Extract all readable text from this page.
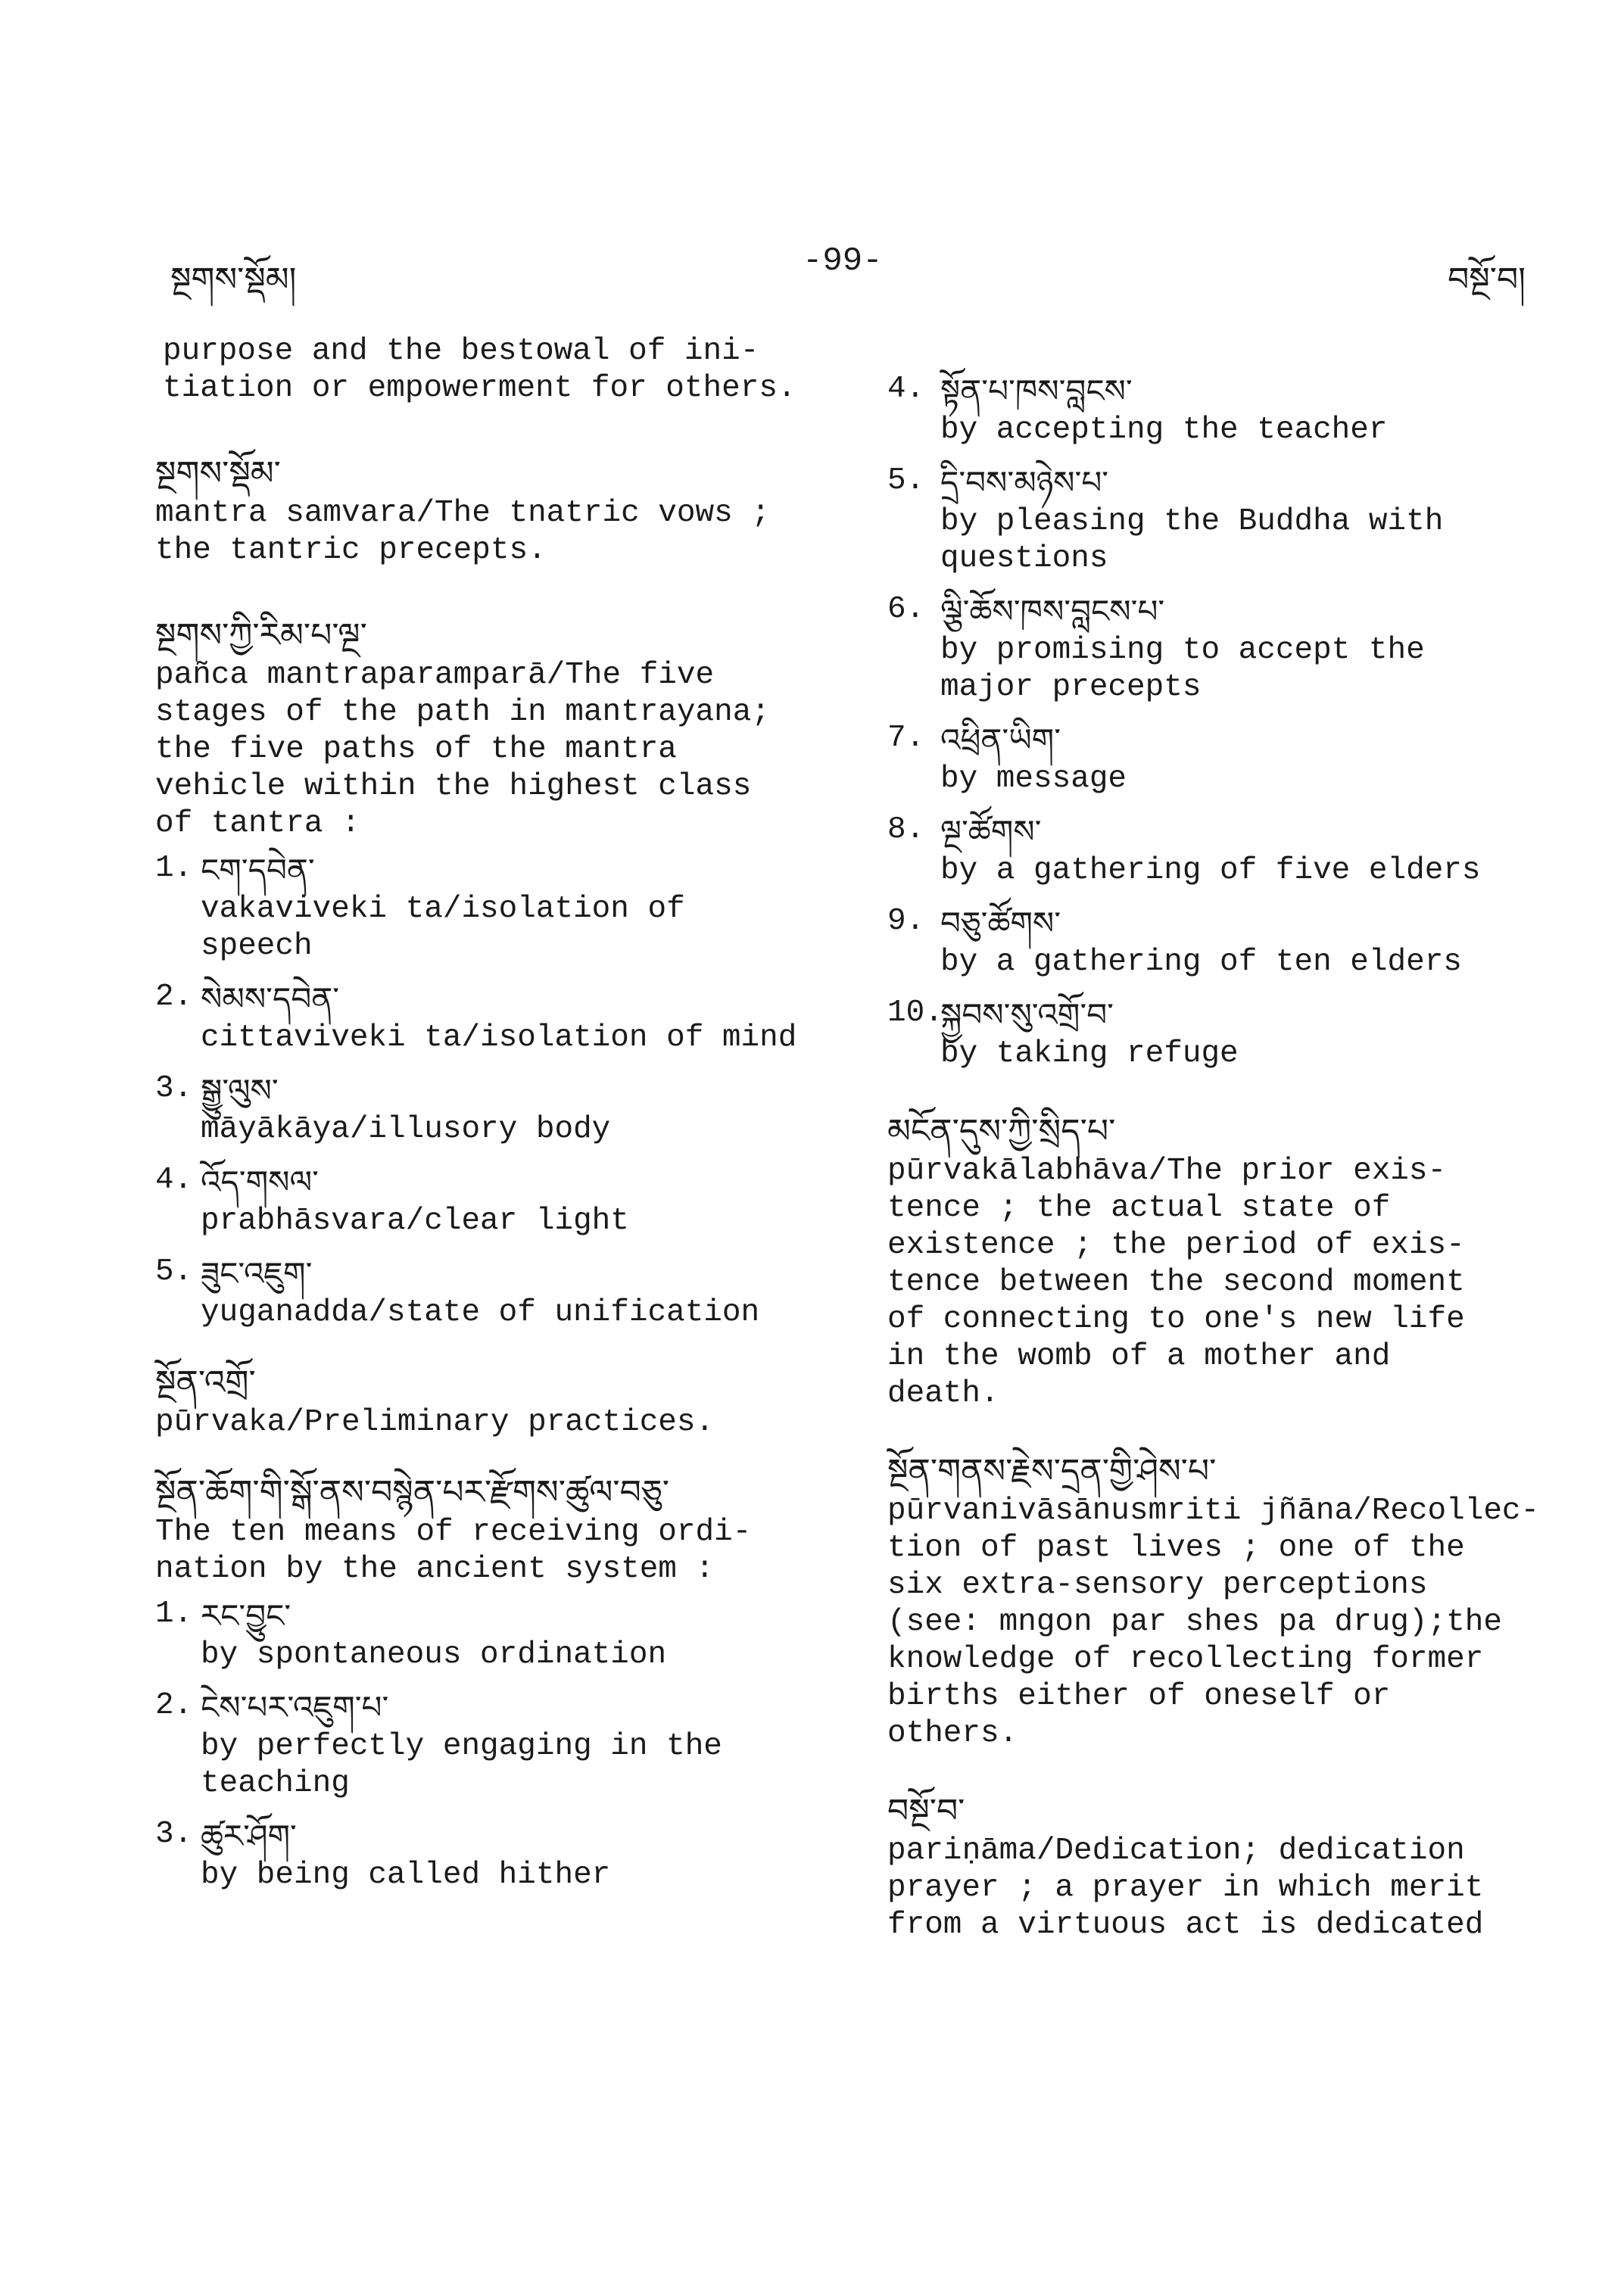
སྔགས་སྡོམ།	-99-	བསྔོ་བ།
purpose and the bestowal of ini-
tiation or empowerment for others.
སྔགས་སྡོམ་
mantra samvara/The tnatric vows ;
the tantric precepts.
སྔགས་ཀྱི་རིམ་པ་ལྔ་
pañca mantraparamparā/The five
stages of the path in mantrayana;
the five paths of the mantra
vehicle within the highest class
of tantra :
1. ངག་དབེན་
vakaviveki ta/isolation of
speech
2. སེམས་དབེན་
cittaviveki ta/isolation of mind
3. སྒྱུ་ལུས་
māyākāya/illusory body
4. འོད་གསལ་
prabhāsvara/clear light
5. ཟུང་འཇུག་
yuganadda/state of unification
སྔོན་འགྲོ་
pūrvaka/Preliminary practices.
སྔོན་ཆོག་གི་སྒོ་ནས་བསྙེན་པར་རྫོགས་ཚུལ་བཅུ་
The ten means of receiving ordi-
nation by the ancient system :
1. རང་བྱུང་
by spontaneous ordination
2. ངེས་པར་འཇུག་པ་
by perfectly engaging in the
teaching
3. ཚུར་ཤོག་
by being called hither
4. སྟོན་པ་ཁས་བླངས་
by accepting the teacher
5. དྲི་བས་མཉེས་པ་
by pleasing the Buddha with
questions
6. ལྕི་ཆོས་ཁས་བླངས་པ་
by promising to accept the
major precepts
7. འཕྲིན་ཡིག་
by message
8. ལྔ་ཚོགས་
by a gathering of five elders
9. བཅུ་ཚོགས་
by a gathering of ten elders
10.
སྐྱབས་སུ་འགྲོ་བ་
by taking refuge
མངོན་དུས་ཀྱི་སྲིད་པ་
pūrvakālabhāva/The prior exis-
tence ; the actual state of
existence ; the period of exis-
tence between the second moment
of connecting to one's new life
in the womb of a mother and
death.
སྔོན་གནས་རྗེས་དྲན་གྱི་ཤེས་པ་
pūrvanivāsānusmriti jñāna/Recollec-
tion of past lives ; one of the
six extra-sensory perceptions
(see: mngon par shes pa drug);the
knowledge of recollecting former
births either of oneself or
others.
བསྔོ་བ་
pariṇāma/Dedication; dedication
prayer ; a prayer in which merit
from a virtuous act is dedicated
